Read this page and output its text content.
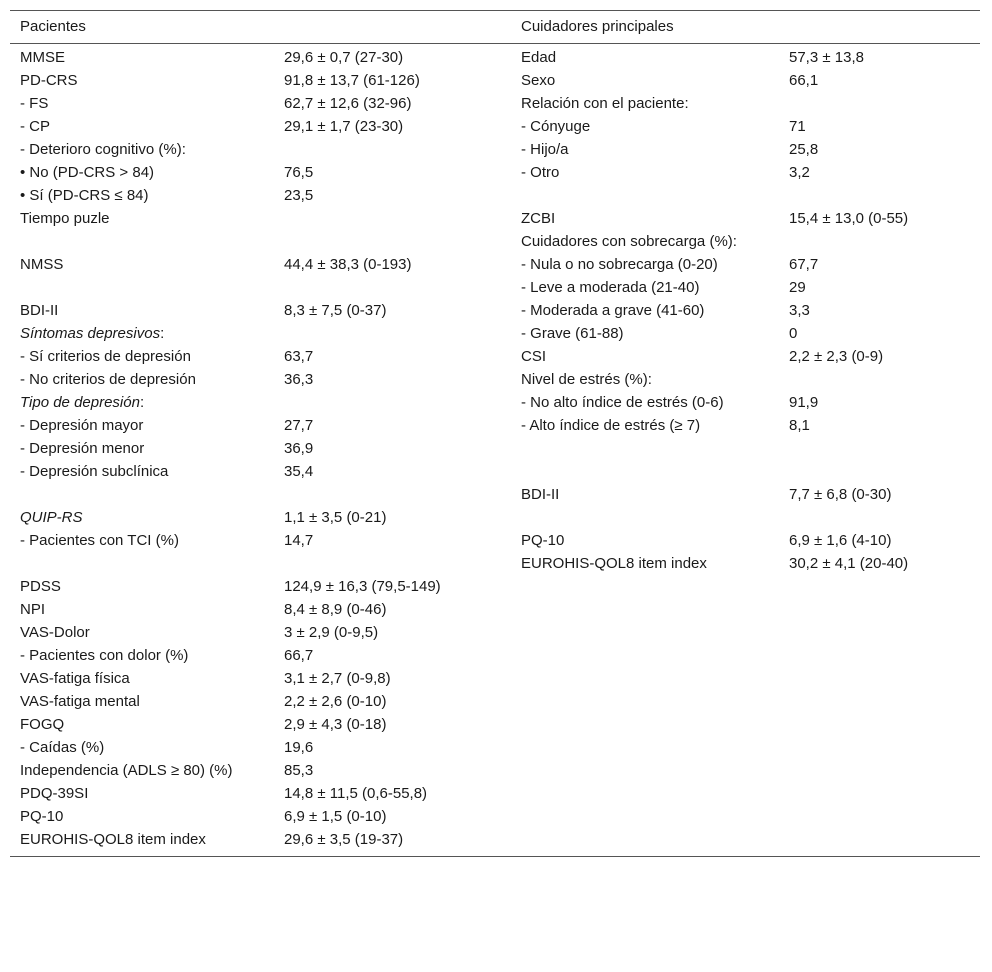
Pacientes		Cuidadores principales	
MMSE	29,6 ± 0,7 (27-30)	Edad	57,3 ± 13,8
PD-CRS	91,8 ± 13,7 (61-126)	Sexo	66,1
- FS	62,7 ± 12,6 (32-96)	Relación con el paciente:	
- CP	29,1 ± 1,7 (23-30)	- Cónyuge	71
- Deterioro cognitivo (%):		- Hijo/a	25,8
• No (PD-CRS > 84)	76,5	- Otro	3,2
• Sí (PD-CRS ≤ 84)	23,5		
Tiempo puzle		ZCBI	15,4 ± 13,0 (0-55)
		Cuidadores con sobrecarga (%):	
NMSS	44,4 ± 38,3 (0-193)	- Nula o no sobrecarga (0-20)	67,7
		- Leve a moderada (21-40)	29
BDI-II	8,3 ± 7,5 (0-37)	- Moderada a grave (41-60)	3,3
Síntomas depresivos:		- Grave (61-88)	0
- Sí criterios de depresión	63,7	CSI	2,2 ± 2,3 (0-9)
- No criterios de depresión	36,3	Nivel de estrés (%):	
Tipo de depresión:		- No alto índice de estrés (0-6)	91,9
- Depresión mayor	27,7	- Alto índice de estrés (≥ 7)	8,1
- Depresión menor	36,9		
- Depresión subclínica	35,4		
		BDI-II	7,7 ± 6,8 (0-30)
QUIP-RS	1,1 ± 3,5 (0-21)		
- Pacientes con TCI (%)	14,7	PQ-10	6,9 ± 1,6 (4-10)
		EUROHIS-QOL8 item index	30,2 ± 4,1 (20-40)
PDSS	124,9 ± 16,3 (79,5-149)		
NPI	8,4 ± 8,9 (0-46)		
VAS-Dolor	3 ± 2,9 (0-9,5)		
- Pacientes con dolor (%)	66,7		
VAS-fatiga física	3,1 ± 2,7 (0-9,8)		
VAS-fatiga mental	2,2 ± 2,6 (0-10)		
FOGQ	2,9 ± 4,3 (0-18)		
- Caídas (%)	19,6		
Independencia (ADLS ≥ 80) (%)	85,3		
PDQ-39SI	14,8 ± 11,5 (0,6-55,8)		
PQ-10	6,9 ± 1,5 (0-10)		
EUROHIS-QOL8 item index	29,6 ± 3,5 (19-37)		
